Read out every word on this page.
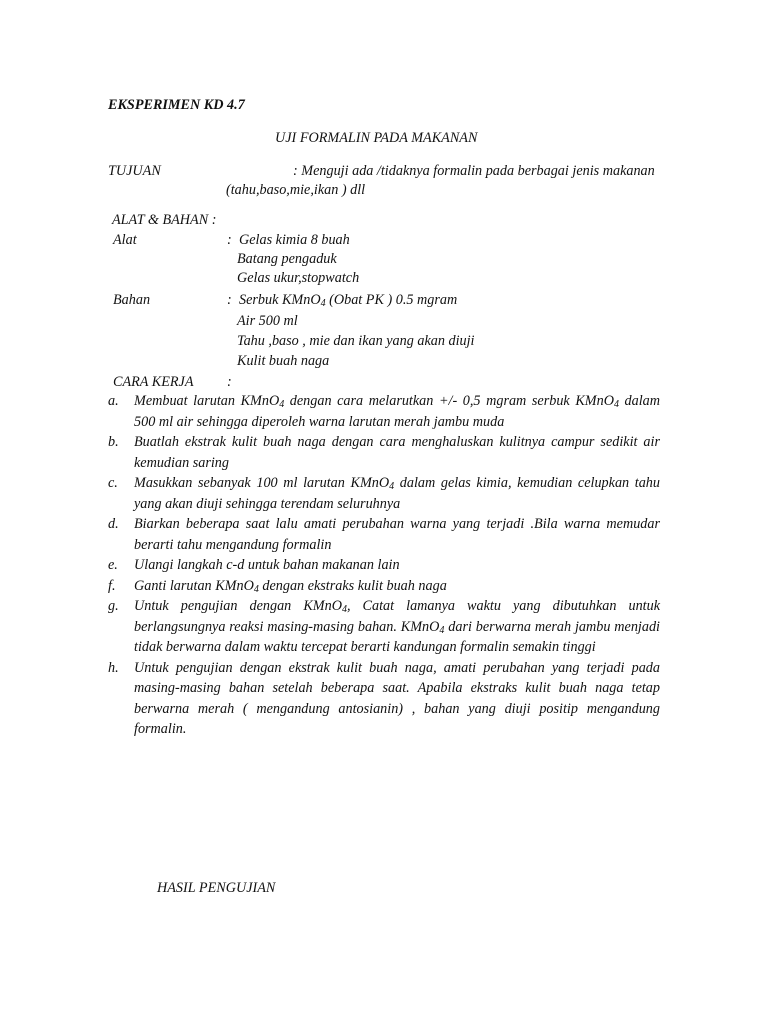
EKSPERIMEN KD 4.7
UJI FORMALIN PADA MAKANAN
TUJUAN	: Menguji ada /tidaknya formalin pada berbagai jenis makanan
(tahu,baso,mie,ikan ) dll
ALAT & BAHAN :
Alat	: Gelas kimia 8 buah
Batang pengaduk
Gelas ukur,stopwatch
Bahan	: Serbuk KMnO$_4$ (Obat PK ) 0.5 mgram
Air 500 ml
Tahu ,baso , mie dan ikan yang akan diuji
Kulit buah naga
CARA KERJA :
a. Membuat larutan KMnO$_4$ dengan cara melarutkan +/- 0,5 mgram serbuk KMnO$_4$ dalam 500 ml air sehingga diperoleh warna larutan merah jambu muda
b. Buatlah ekstrak kulit buah naga dengan cara menghaluskan kulitnya campur sedikit air kemudian saring
c. Masukkan sebanyak 100 ml larutan KMnO$_4$ dalam gelas kimia, kemudian celupkan tahu yang akan diuji sehingga terendam seluruhnya
d. Biarkan beberapa saat lalu amati perubahan warna yang terjadi .Bila warna memudar berarti tahu mengandung formalin
e. Ulangi langkah c-d untuk bahan makanan lain
f. Ganti larutan KMnO$_4$ dengan ekstraks kulit buah naga
g. Untuk pengujian dengan KMnO$_4$, Catat lamanya waktu yang dibutuhkan untuk berlangsungnya reaksi masing-masing bahan. KMnO$_4$ dari berwarna merah jambu menjadi tidak berwarna dalam waktu tercepat berarti kandungan formalin semakin tinggi
h. Untuk pengujian dengan ekstrak kulit buah naga, amati perubahan yang terjadi pada masing-masing bahan setelah beberapa saat. Apabila ekstraks kulit buah naga tetap berwarna merah ( mengandung antosianin) , bahan yang diuji positip mengandung formalin.
HASIL PENGUJIAN
